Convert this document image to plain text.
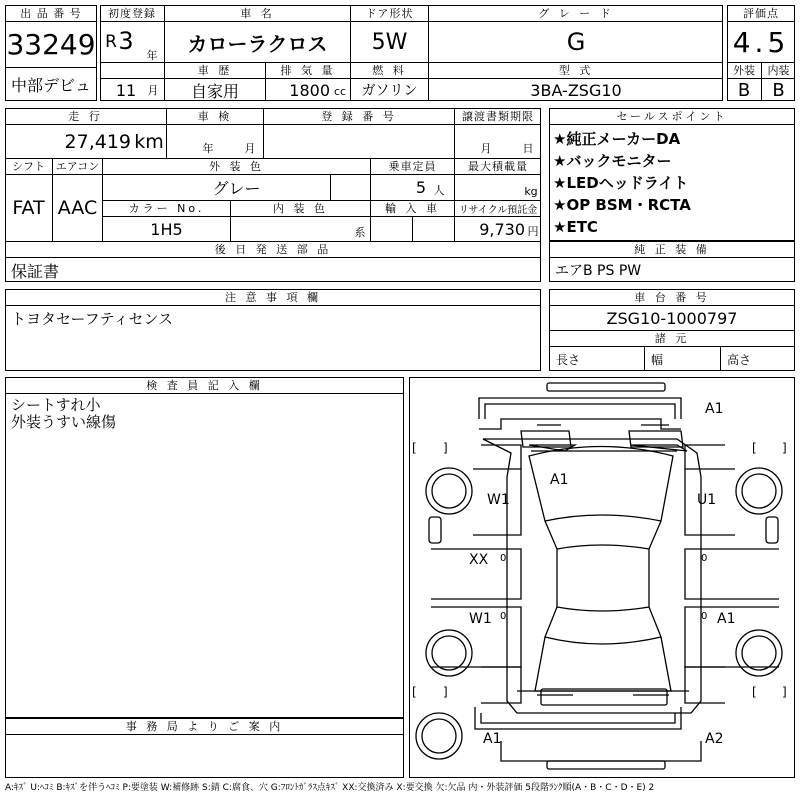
出 品 番 号
33249
中部デビュ
初度登録
R 3
年
11	月
車 名
カローラクロス
ドア形状
5W
グ レ ー ド
G
車 歴
自家用
排 気 量
1800 cc
燃 料
ガソリン
型 式
3BA-ZSG10
評価点
4.5
外装	内装
B	B
走 行
27,419 km
車 検
年	月
登 録 番 号	譲渡書類期限
月	日
シフト エアコン
FAT AAC
外 装 色
グレー
乗車定員
5 人
最大積載量
kg
カラー No.
1H5
内 装 色
系
輸 入 車	リサイクル預託金
9,730 円
後 日 発 送 部 品
保証書
セールスポイント
★純正メーカーDA
★バックモニター
★LEDヘッドライト
★OP BSM・RCTA
★ETC
純 正 装 備
エアB PS PW
注 意 事 項 欄
トヨタセーフティセンス
車 台 番 号
ZSG10-1000797
諸 元
長さ	幅	高さ
検 査 員 記 入 欄
シートすれ小
外装うすい線傷
事 務 局 よ り ご 案 内
A1
A1
W1	U1
XX
W1	A1
A1	A2
0
0
0
0
[ ]	[ ]
[ ]	[ ]
A:ｷｽﾞ U:ﾍｺﾐ B:ｷｽﾞを伴うﾍｺﾐ P:要塗装 W:補修跡 S:錆 C:腐食、穴 G:ﾌﾛﾝﾄｶﾞﾗｽ点ｷｽﾞ XX:交換済み X:要交換 欠:欠品 内・外装評価 5段階ﾗﾝｸ順(A・B・C・D・E) 2
